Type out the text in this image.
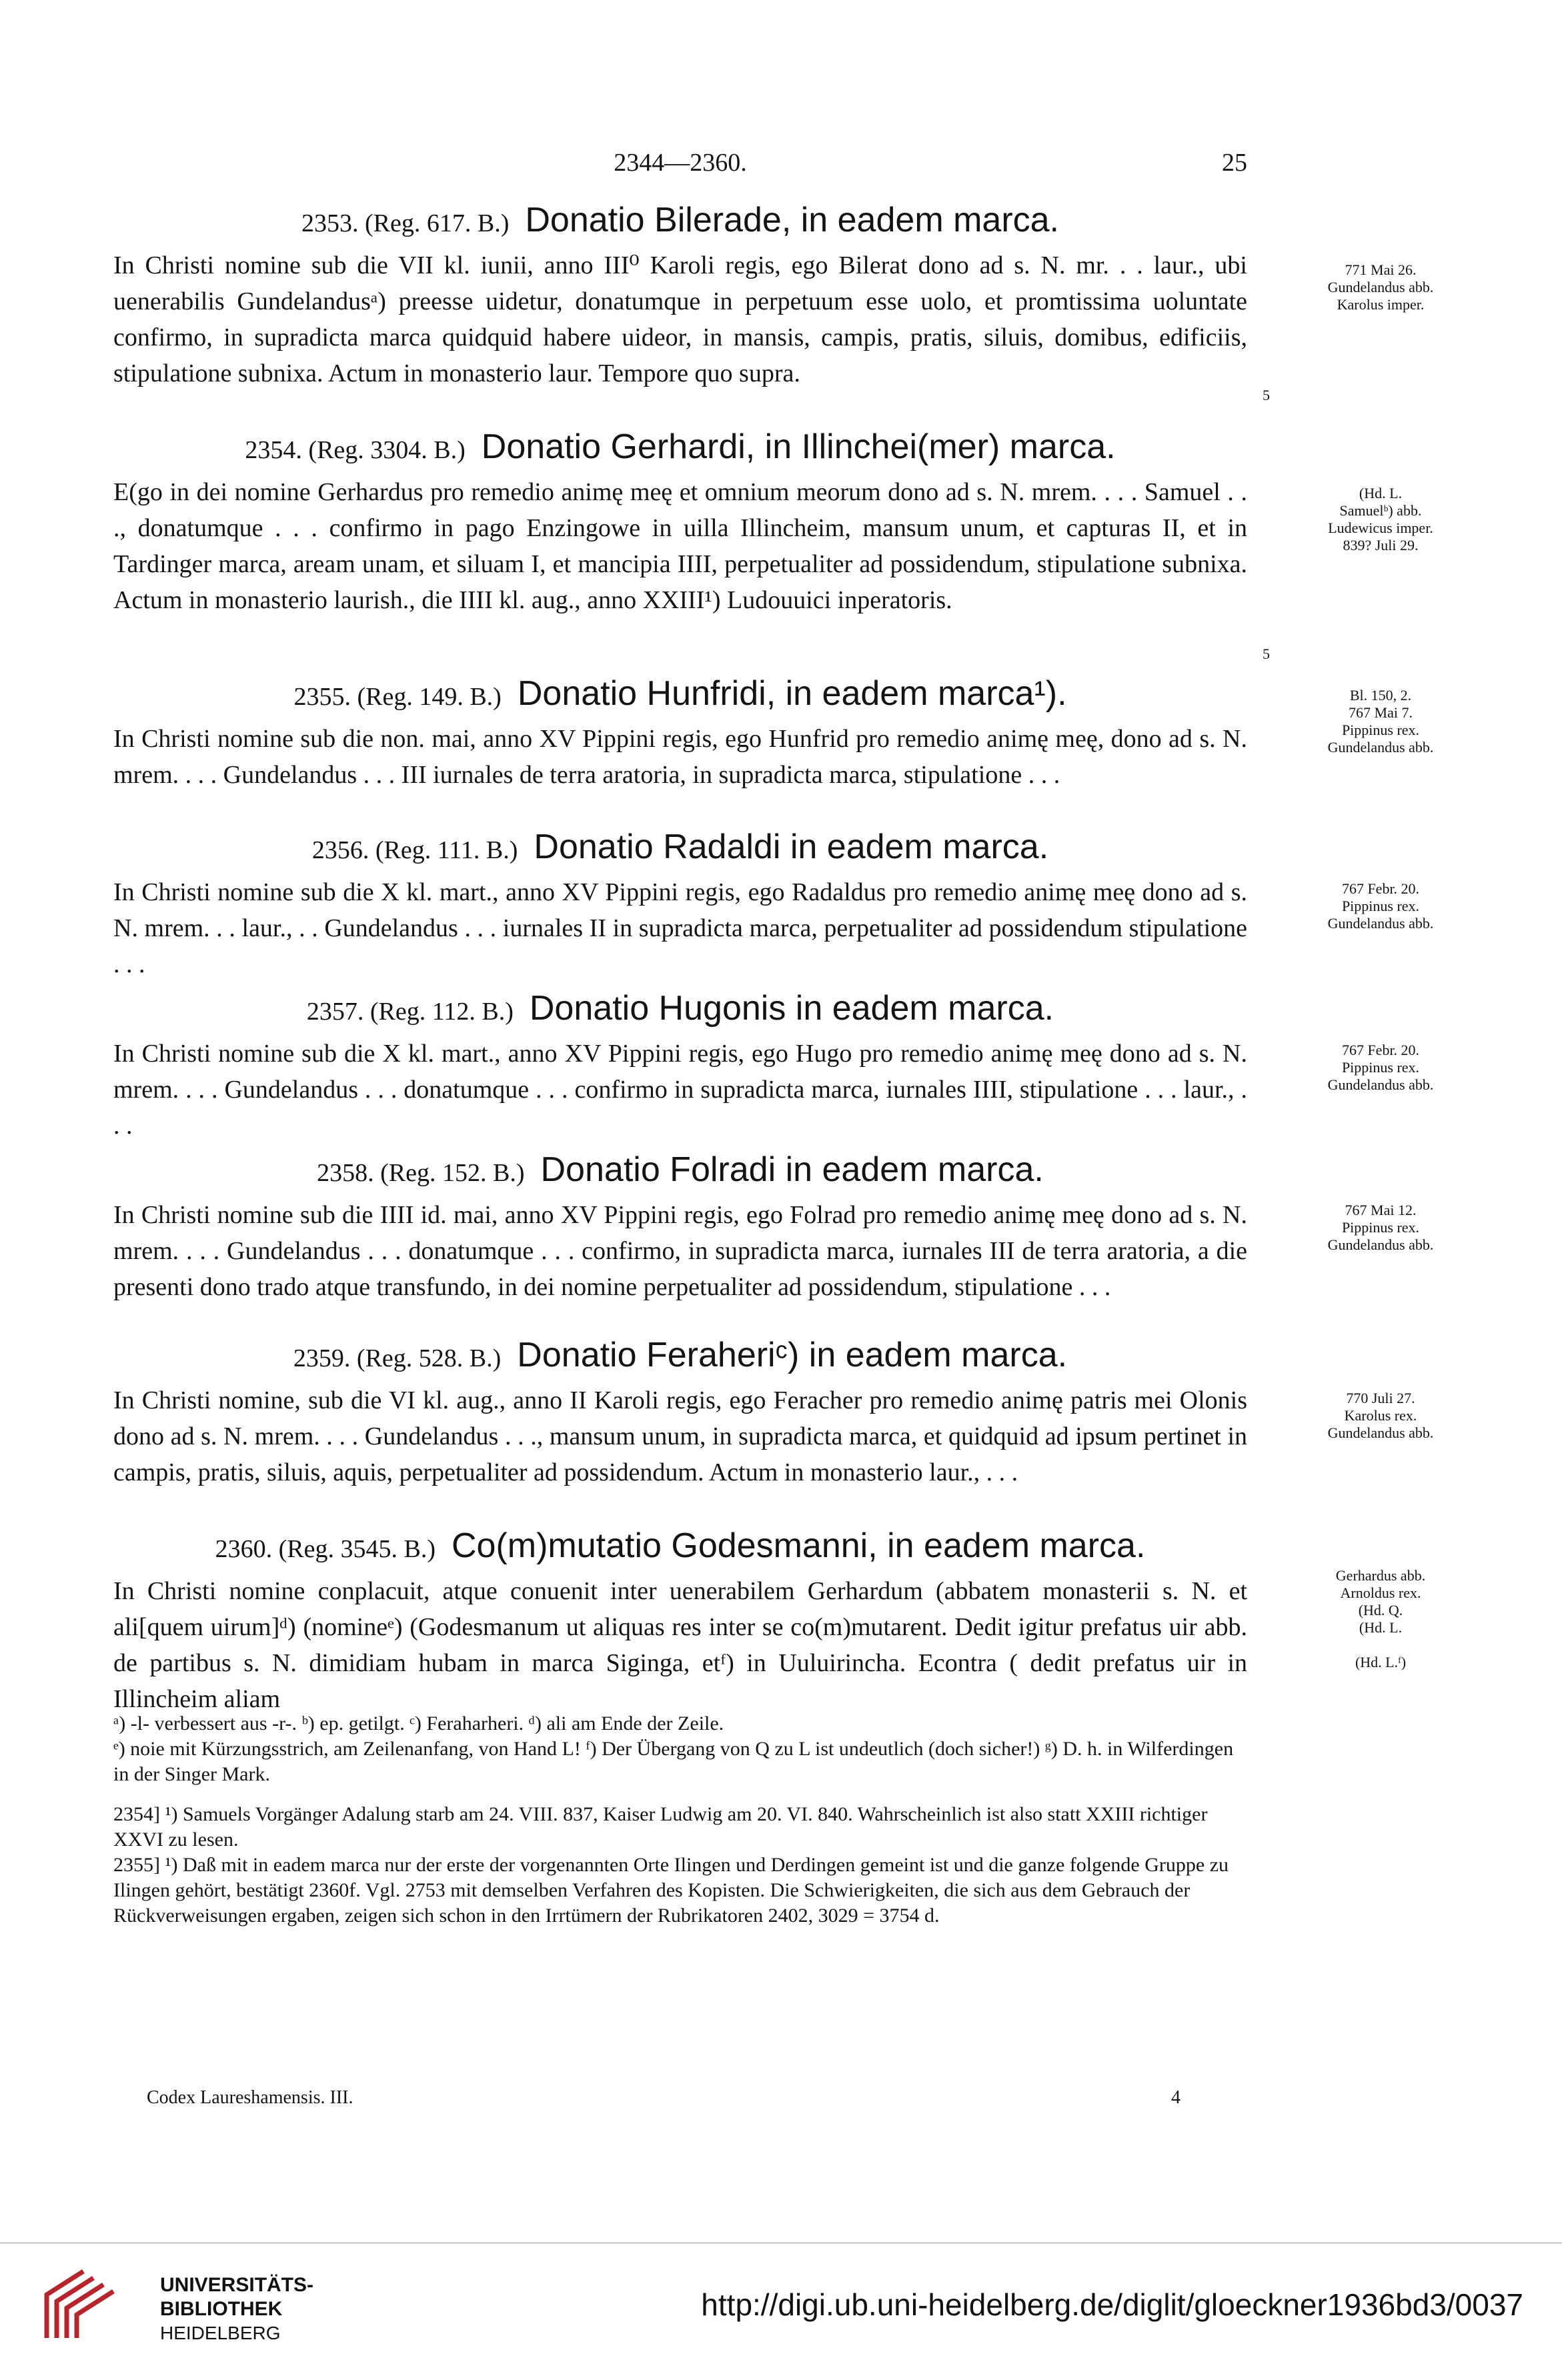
2344—2360.	25
2353. (Reg. 617. B.) Donatio Bilerade, in eadem marca.

In Christi nomine sub die VII kl. iunii, anno III⁰ Karoli regis, ego Bilerat dono ad s. N. mr. . . laur., ubi uenerabilis Gundelandusᵃ) preesse uidetur, donatumque in perpetuum esse uolo, et promtissima uoluntate confirmo, in supradicta marca quidquid habere uideor, in mansis, campis, pratis, siluis, domibus, edificiis, stipulatione subnixa. Actum in monasterio laur. Tempore quo supra.

771 Mai 26.
Gundelandus abb.
Karolus imper.
2354. (Reg. 3304. B.) Donatio Gerhardi, in Illinchei(mer) marca.

E(go in dei nomine Gerhardus pro remedio animę meę et omnium meorum dono ad s. N. mrem. . . . Samuel . . ., donatumque . . . confirmo in pago Enzingowe in uilla Illincheim, mansum unum, et capturas II, et in Tardinger marca, aream unam, et siluam I, et mancipia IIII, perpetualiter ad possidendum, stipulatione subnixa. Actum in monasterio laurish., die IIII kl. aug., anno XXIII¹) Ludouuici inperatoris.

(Hd. L.
Samuelᵇ) abb.
Ludewicus imper.
839? Juli 29.
2355. (Reg. 149. B.) Donatio Hunfridi, in eadem marca¹).

In Christi nomine sub die non. mai, anno XV Pippini regis, ego Hunfrid pro remedio animę meę, dono ad s. N. mrem. . . . Gundelandus . . . III iurnales de terra aratoria, in supradicta marca, stipulatione . . .

Bl. 150, 2.
767 Mai 7.
Pippinus rex.
Gundelandus abb.
2356. (Reg. 111. B.) Donatio Radaldi in eadem marca.

In Christi nomine sub die X kl. mart., anno XV Pippini regis, ego Radaldus pro remedio animę meę dono ad s. N. mrem. . . laur., . . Gundelandus . . . iurnales II in supradicta marca, perpetualiter ad possidendum stipulatione . . .

767 Febr. 20.
Pippinus rex.
Gundelandus abb.
2357. (Reg. 112. B.) Donatio Hugonis in eadem marca.

In Christi nomine sub die X kl. mart., anno XV Pippini regis, ego Hugo pro remedio animę meę dono ad s. N. mrem. . . . Gundelandus . . . donatumque . . . confirmo in supradicta marca, iurnales IIII, stipulatione . . . laur., . . .

767 Febr. 20.
Pippinus rex.
Gundelandus abb.
2358. (Reg. 152. B.) Donatio Folradi in eadem marca.

In Christi nomine sub die IIII id. mai, anno XV Pippini regis, ego Folrad pro remedio animę meę dono ad s. N. mrem. . . . Gundelandus . . . donatumque . . . confirmo, in supradicta marca, iurnales III de terra aratoria, a die presenti dono trado atque transfundo, in dei nomine perpetualiter ad possidendum, stipulatione . . .

767 Mai 12.
Pippinus rex.
Gundelandus abb.
2359. (Reg. 528. B.) Donatio Feraheriᶜ) in eadem marca.

In Christi nomine, sub die VI kl. aug., anno II Karoli regis, ego Feracher pro remedio animę patris mei Olonis dono ad s. N. mrem. . . . Gundelandus . . ., mansum unum, in supradicta marca, et quidquid ad ipsum pertinet in campis, pratis, siluis, aquis, perpetualiter ad possidendum. Actum in monasterio laur., . . .

770 Juli 27.
Karolus rex.
Gundelandus abb.
2360. (Reg. 3545. B.) Co(m)mutatio Godesmanni, in eadem marca.

In Christi nomine conplacuit, atque conuenit inter uenerabilem Gerhardum (abbatem monasterii s. N. et ali[quem uirum]ᵈ) (nomineᵉ) (Godesmanum ut aliquas res inter se co(m)mutarent. Dedit igitur prefatus uir abb. de partibus s. N. dimidiam hubam in marca Siginga, etᶠ) in Uuluirincha. Econtra ( dedit prefatus uir in Illincheim aliam

Gerhardus abb.
Arnoldus rex.
(Hd. Q.
(Hd. L.

(Hd. L.ᶠ)
5
5

ᵃ) -l- verbessert aus -r-. ᵇ) ep. getilgt. ᶜ) Feraharheri. ᵈ) ali am Ende der Zeile.

ᵉ) noie mit Kürzungsstrich, am Zeilenanfang, von Hand L! ᶠ) Der Übergang von Q zu L ist undeutlich (doch sicher!) ᵍ) D. h. in Wilferdingen in der Singer Mark.

2354] ¹) Samuels Vorgänger Adalung starb am 24. VIII. 837, Kaiser Ludwig am 20. VI. 840. Wahrscheinlich ist also statt XXIII richtiger XXVI zu lesen.

2355] ¹) Daß mit in eadem marca nur der erste der vorgenannten Orte Ilingen und Derdingen gemeint ist und die ganze folgende Gruppe zu Ilingen gehört, bestätigt 2360f. Vgl. 2753 mit demselben Verfahren des Kopisten. Die Schwierigkeiten, die sich aus dem Gebrauch der Rückverweisungen ergaben, zeigen sich schon in den Irrtümern der Rubrikatoren 2402, 3029 = 3754 d.

Codex Laureshamensis. III.	4
UNIVERSITÄTS-
BIBLIOTHEK
HEIDELBERG
http://digi.ub.uni-heidelberg.de/diglit/gloeckner1936bd3/0037
